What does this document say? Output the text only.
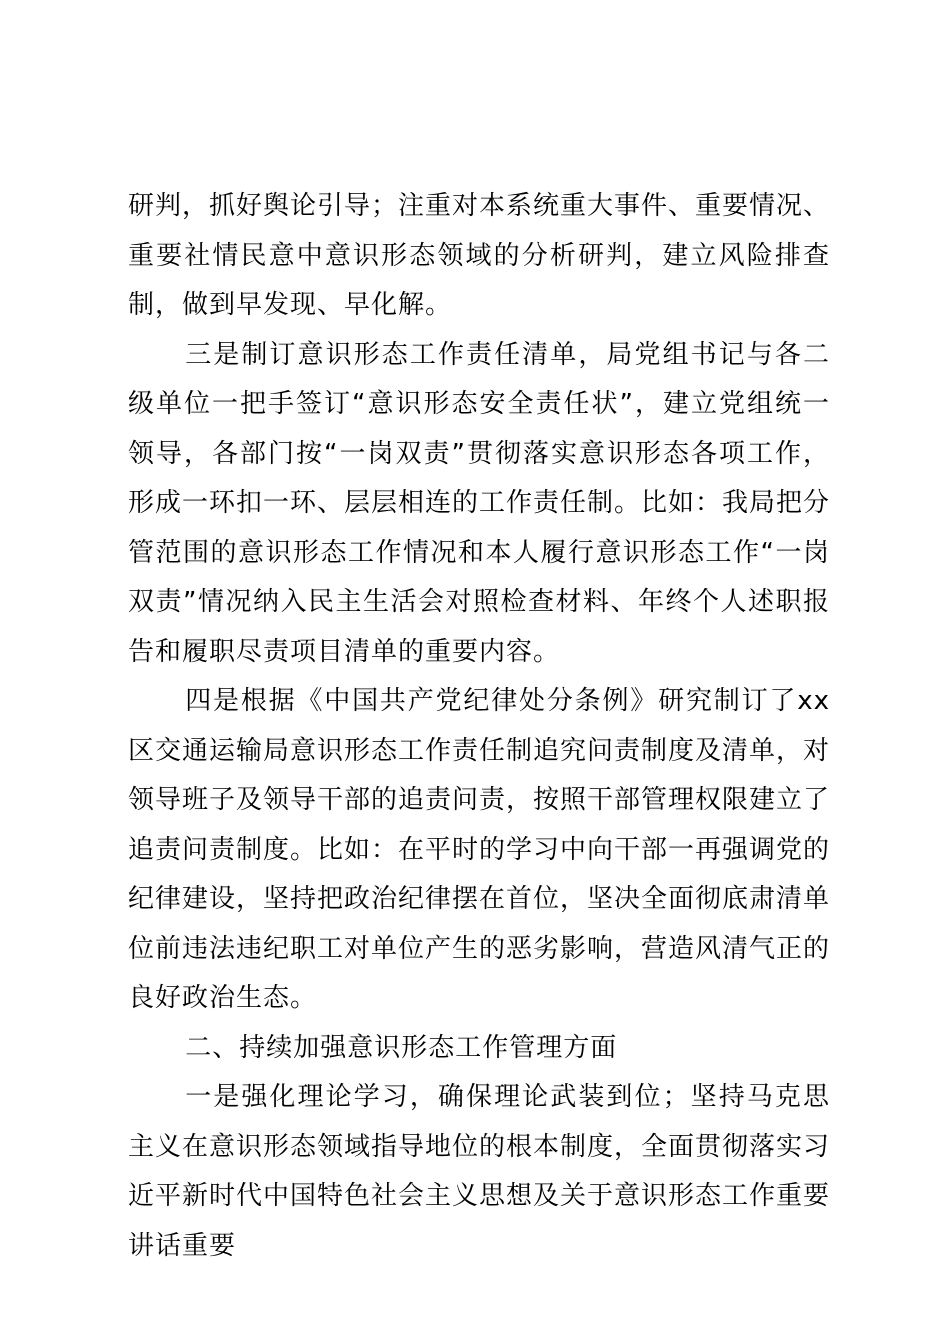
研判，抓好舆论引导；注重对本系统重大事件、重要情况、重要社情民意中意识形态领域的分析研判，建立风险排查制，做到早发现、早化解。

三是制订意识形态工作责任清单，局党组书记与各二级单位一把手签订“意识形态安全责任状”，建立党组统一领导，各部门按“一岗双责”贯彻落实意识形态各项工作，形成一环扣一环、层层相连的工作责任制。比如：我局把分管范围的意识形态工作情况和本人履行意识形态工作“一岗双责”情况纳入民主生活会对照检查材料、年终个人述职报告和履职尽责项目清单的重要内容。

四是根据《中国共产党纪律处分条例》研究制订了xx区交通运输局意识形态工作责任制追究问责制度及清单，对领导班子及领导干部的追责问责，按照干部管理权限建立了追责问责制度。比如：在平时的学习中向干部一再强调党的纪律建设，坚持把政治纪律摆在首位，坚决全面彻底肃清单位前违法违纪职工对单位产生的恶劣影响，营造风清气正的良好政治生态。

二、持续加强意识形态工作管理方面

一是强化理论学习，确保理论武装到位；坚持马克思主义在意识形态领域指导地位的根本制度，全面贯彻落实习近平新时代中国特色社会主义思想及关于意识形态工作重要讲话重要
